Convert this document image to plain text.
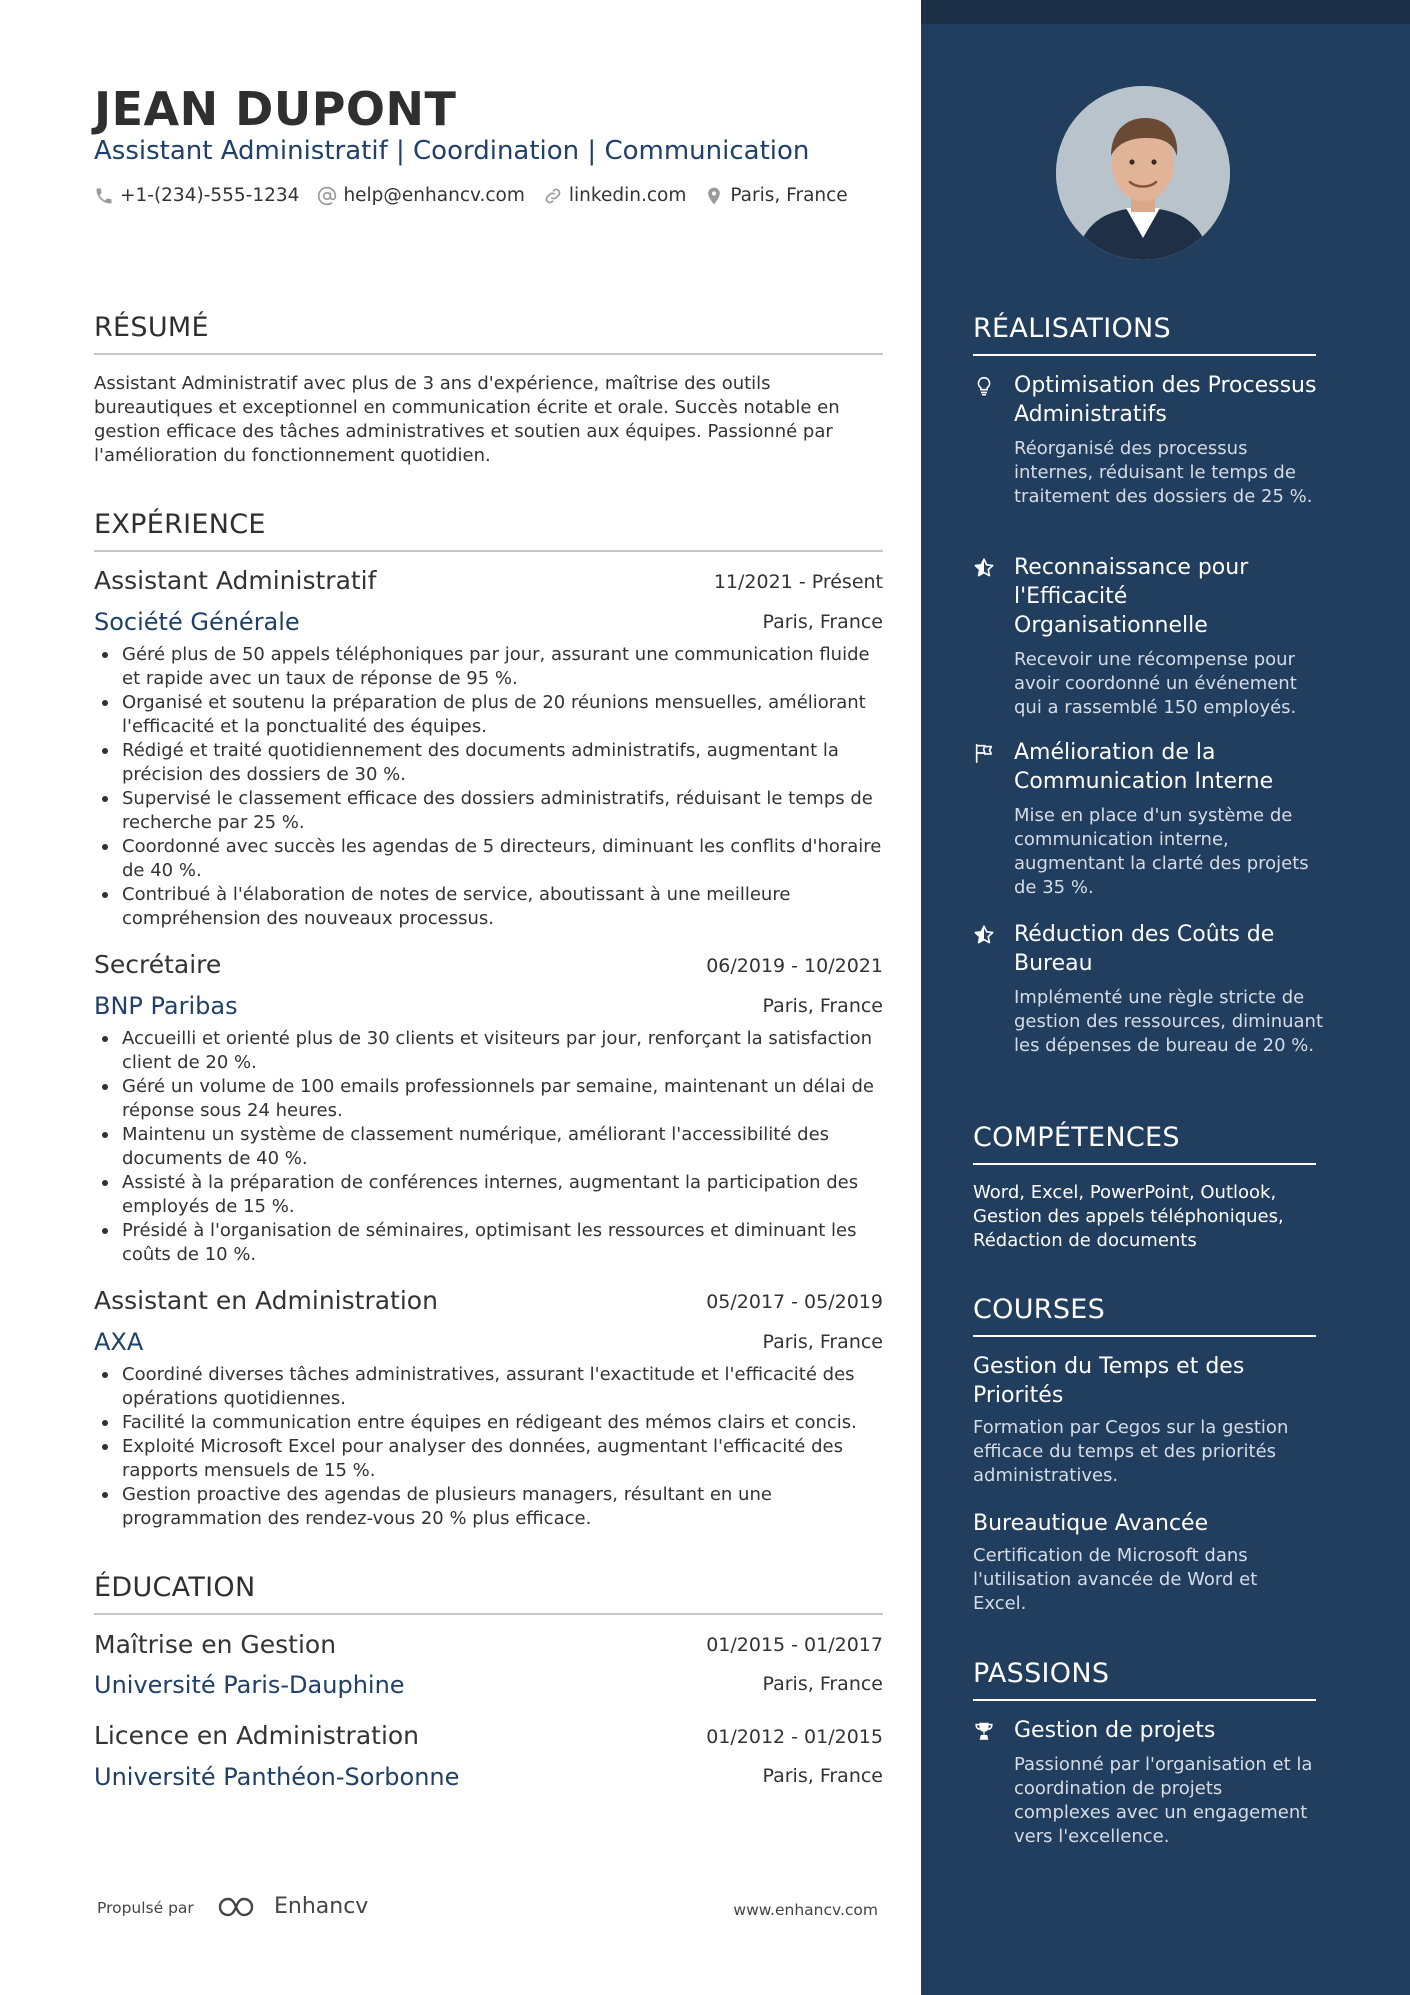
JEAN DUPONT
Assistant Administratif | Coordination | Communication
+1-(234)-555-1234 help@enhancv.com linkedin.com Paris, France
RÉSUMÉ
Assistant Administratif avec plus de 3 ans d'expérience, maîtrise des outils bureautiques et exceptionnel en communication écrite et orale. Succès notable en gestion efficace des tâches administratives et soutien aux équipes. Passionné par l'amélioration du fonctionnement quotidien.
EXPÉRIENCE
Assistant Administratif	11/2021 - Présent
Société Générale	Paris, France
Géré plus de 50 appels téléphoniques par jour, assurant une communication fluide et rapide avec un taux de réponse de 95 %.
Organisé et soutenu la préparation de plus de 20 réunions mensuelles, améliorant l'efficacité et la ponctualité des équipes.
Rédigé et traité quotidiennement des documents administratifs, augmentant la précision des dossiers de 30 %.
Supervisé le classement efficace des dossiers administratifs, réduisant le temps de recherche par 25 %.
Coordonné avec succès les agendas de 5 directeurs, diminuant les conflits d'horaire de 40 %.
Contribué à l'élaboration de notes de service, aboutissant à une meilleure compréhension des nouveaux processus.
Secrétaire	06/2019 - 10/2021
BNP Paribas	Paris, France
Accueilli et orienté plus de 30 clients et visiteurs par jour, renforçant la satisfaction client de 20 %.
Géré un volume de 100 emails professionnels par semaine, maintenant un délai de réponse sous 24 heures.
Maintenu un système de classement numérique, améliorant l'accessibilité des documents de 40 %.
Assisté à la préparation de conférences internes, augmentant la participation des employés de 15 %.
Présidé à l'organisation de séminaires, optimisant les ressources et diminuant les coûts de 10 %.
Assistant en Administration	05/2017 - 05/2019
AXA	Paris, France
Coordiné diverses tâches administratives, assurant l'exactitude et l'efficacité des opérations quotidiennes.
Facilité la communication entre équipes en rédigeant des mémos clairs et concis.
Exploité Microsoft Excel pour analyser des données, augmentant l'efficacité des rapports mensuels de 15 %.
Gestion proactive des agendas de plusieurs managers, résultant en une programmation des rendez-vous 20 % plus efficace.
ÉDUCATION
Maîtrise en Gestion	01/2015 - 01/2017
Université Paris-Dauphine	Paris, France
Licence en Administration	01/2012 - 01/2015
Université Panthéon-Sorbonne	Paris, France
Propulsé par	Enhancv	www.enhancv.com
RÉALISATIONS
Optimisation des Processus Administratifs
Réorganisé des processus internes, réduisant le temps de traitement des dossiers de 25 %.
Reconnaissance pour l'Efficacité Organisationnelle
Recevoir une récompense pour avoir coordonné un événement qui a rassemblé 150 employés.
Amélioration de la Communication Interne
Mise en place d'un système de communication interne, augmentant la clarté des projets de 35 %.
Réduction des Coûts de Bureau
Implémenté une règle stricte de gestion des ressources, diminuant les dépenses de bureau de 20 %.
COMPÉTENCES
Word, Excel, PowerPoint, Outlook, Gestion des appels téléphoniques, Rédaction de documents
COURSES
Gestion du Temps et des Priorités
Formation par Cegos sur la gestion efficace du temps et des priorités administratives.
Bureautique Avancée
Certification de Microsoft dans l'utilisation avancée de Word et Excel.
PASSIONS
Gestion de projets
Passionné par l'organisation et la coordination de projets complexes avec un engagement vers l'excellence.
